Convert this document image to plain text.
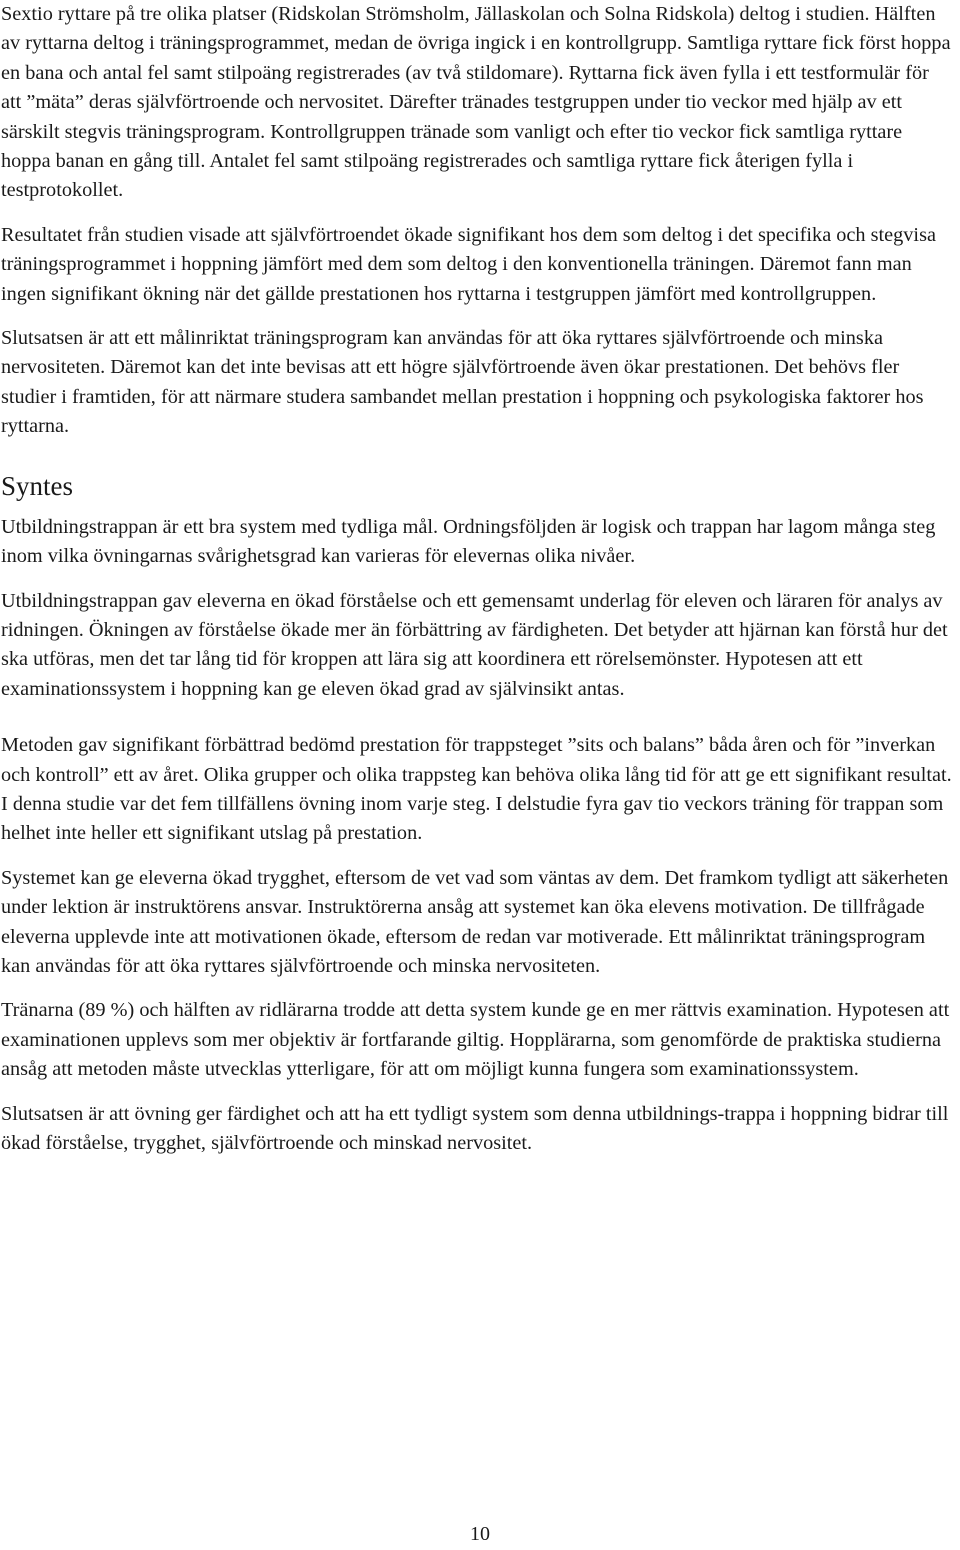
Sextio ryttare på tre olika platser (Ridskolan Strömsholm, Jällaskolan och Solna Ridskola) deltog i studien. Hälften av ryttarna deltog i träningsprogrammet, medan de övriga ingick i en kontrollgrupp. Samtliga ryttare fick först hoppa en bana och antal fel samt stilpoäng registrerades (av två stildomare). Ryttarna fick även fylla i ett testformulär för att ”mäta” deras självförtroende och nervositet. Därefter tränades testgruppen under tio veckor med hjälp av ett särskilt stegvis träningsprogram. Kontrollgruppen tränade som vanligt och efter tio veckor fick samtliga ryttare hoppa banan en gång till. Antalet fel samt stilpoäng registrerades och samtliga ryttare fick återigen fylla i testprotokollet.

Resultatet från studien visade att självförtroendet ökade signifikant hos dem som deltog i det specifika och stegvisa träningsprogrammet i hoppning jämfört med dem som deltog i den konventionella träningen. Däremot fann man ingen signifikant ökning när det gällde prestationen hos ryttarna i testgruppen jämfört med kontrollgruppen.

Slutsatsen är att ett målinriktat träningsprogram kan användas för att öka ryttares självförtroende och minska nervositeten. Däremot kan det inte bevisas att ett högre självförtroende även ökar prestationen. Det behövs fler studier i framtiden, för att närmare studera sambandet mellan prestation i hoppning och psykologiska faktorer hos ryttarna.

Syntes

Utbildningstrappan är ett bra system med tydliga mål. Ordningsföljden är logisk och trappan har lagom många steg inom vilka övningarnas svårighetsgrad kan varieras för elevernas olika nivåer.

Utbildningstrappan gav eleverna en ökad förståelse och ett gemensamt underlag för eleven och läraren för analys av ridningen. Ökningen av förståelse ökade mer än förbättring av färdigheten. Det betyder att hjärnan kan förstå hur det ska utföras, men det tar lång tid för kroppen att lära sig att koordinera ett rörelsemönster. Hypotesen att ett examinationssystem i hoppning kan ge eleven ökad grad av självinsikt antas.

Metoden gav signifikant förbättrad bedömd prestation för trappsteget ”sits och balans” båda åren och för ”inverkan och kontroll” ett av året. Olika grupper och olika trappsteg kan behöva olika lång tid för att ge ett signifikant resultat. I denna studie var det fem tillfällens övning inom varje steg. I delstudie fyra gav tio veckors träning för trappan som helhet inte heller ett signifikant utslag på prestation.

Systemet kan ge eleverna ökad trygghet, eftersom de vet vad som väntas av dem. Det framkom tydligt att säkerheten under lektion är instruktörens ansvar. Instruktörerna ansåg att systemet kan öka elevens motivation. De tillfrågade eleverna upplevde inte att motivationen ökade, eftersom de redan var motiverade. Ett målinriktat träningsprogram kan användas för att öka ryttares självförtroende och minska nervositeten.

Tränarna (89 %) och hälften av ridlärarna trodde att detta system kunde ge en mer rättvis examination. Hypotesen att examinationen upplevs som mer objektiv är fortfarande giltig. Hopplärarna, som genomförde de praktiska studierna ansåg att metoden måste utvecklas ytterligare, för att om möjligt kunna fungera som examinationssystem.

Slutsatsen är att övning ger färdighet och att ha ett tydligt system som denna utbildnings-trappa i hoppning bidrar till ökad förståelse, trygghet, självförtroende och minskad nervositet.

10
